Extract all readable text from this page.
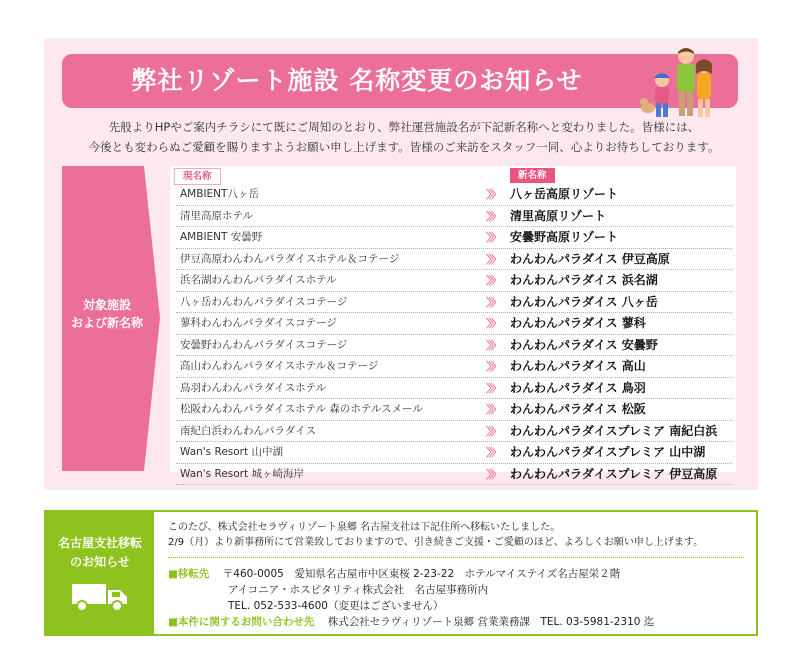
弊社リゾート施設 名称変更のお知らせ
先般よりHPやご案内チラシにて既にご周知のとおり、弊社運営施設名が下記新名称へと変わりました。皆様には、
今後とも変わらぬご愛顧を賜りますようお願い申し上げます。皆様のご来訪をスタッフ一同、心よりお待ちしております。
対象施設
および新名称
現名称	新名称
AMBIENT八ヶ岳	〉〉〉 八ヶ岳高原リゾート
清里高原ホテル	〉〉〉 清里高原リゾート
AMBIENT 安曇野	〉〉〉 安曇野高原リゾート
伊豆高原わんわんパラダイスホテル＆コテージ	〉〉〉 わんわんパラダイス 伊豆高原
浜名湖わんわんパラダイスホテル	〉〉〉 わんわんパラダイス 浜名湖
八ヶ岳わんわんパラダイスコテージ	〉〉〉 わんわんパラダイス 八ヶ岳
蓼科わんわんパラダイスコテージ	〉〉〉 わんわんパラダイス 蓼科
安曇野わんわんパラダイスコテージ	〉〉〉 わんわんパラダイス 安曇野
高山わんわんパラダイスホテル＆コテージ	〉〉〉 わんわんパラダイス 高山
鳥羽わんわんパラダイスホテル	〉〉〉 わんわんパラダイス 鳥羽
松阪わんわんパラダイスホテル 森のホテルスメール	〉〉〉 わんわんパラダイス 松阪
南紀白浜わんわんパラダイス	〉〉〉 わんわんパラダイスプレミア 南紀白浜
Wan's Resort 山中湖	〉〉〉 わんわんパラダイスプレミア 山中湖
Wan's Resort 城ヶ崎海岸	〉〉〉 わんわんパラダイスプレミア 伊豆高原
名古屋支社移転
のお知らせ
このたび、株式会社セラヴィリゾート泉郷 名古屋支社は下記住所へ移転いたしました。
2/9（月）より新事務所にて営業致しておりますので、引き続きご支援・ご愛顧のほど、よろしくお願い申し上げます。
■移転先 〒460-0005　愛知県名古屋市中区東桜 2-23-22　ホテルマイステイズ名古屋栄２階
アイコニア・ホスピタリティ株式会社　名古屋事務所内
TEL. 052-533-4600（変更はございません）
■本件に関するお問い合わせ先 株式会社セラヴィリゾート泉郷 営業業務課　TEL. 03-5981-2310 迄
